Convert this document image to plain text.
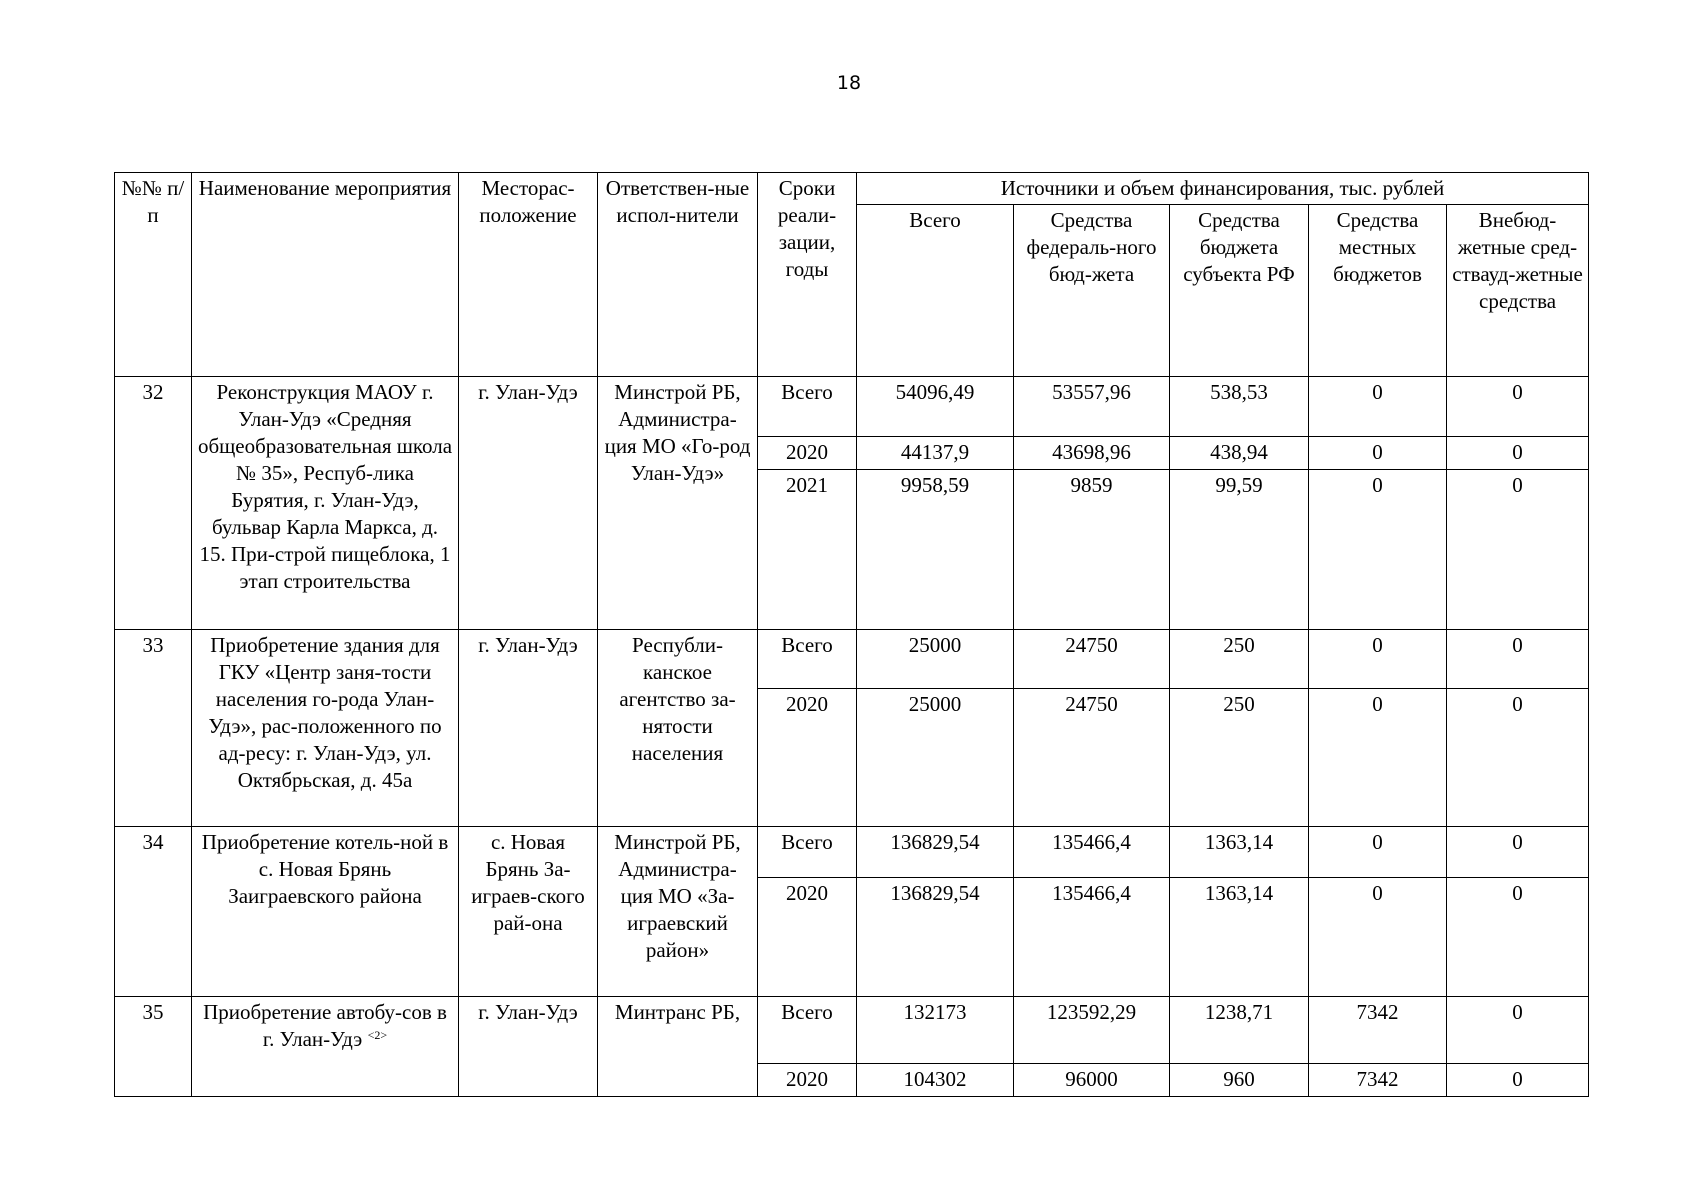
18
№№ п/п	Наименование мероприятия	Месторас-положение	Ответствен-ные испол-нители	Сроки реали-зации, годы	Источники и объем финансирования, тыс. рублей				
					Всего	Средства федераль-ного бюд-жета	Средства бюджета субъекта РФ	Средства местных бюджетов	Внебюд-жетные сред-ствауд-жетные средства
32	Реконструкция МАОУ г. Улан-Удэ «Средняя общеобразовательная школа № 35», Респуб-лика Бурятия, г. Улан-Удэ, бульвар Карла Маркса, д. 15. При-строй пищеблока, 1 этап строительства	г. Улан-Удэ	Минстрой РБ, Администра-ция МО «Го-род Улан-Удэ»	Всего	54096,49	53557,96	538,53	0	0
				2020	44137,9	43698,96	438,94	0	0
				2021	9958,59	9859	99,59	0	0
33	Приобретение здания для ГКУ «Центр заня-тости населения го-рода Улан-Удэ», рас-положенного по ад-ресу: г. Улан-Удэ, ул. Октябрьская, д. 45а	г. Улан-Удэ	Республи-канское агентство за-нятости населения	Всего	25000	24750	250	0	0
				2020	25000	24750	250	0	0
34	Приобретение котель-ной в с. Новая Брянь Заиграевского района	с. Новая Брянь За-играев-ского рай-она	Минстрой РБ, Администра-ция МО «За-играевский район»	Всего	136829,54	135466,4	1363,14	0	0
				2020	136829,54	135466,4	1363,14	0	0
35	Приобретение автобу-сов в г. Улан-Удэ $^{<2>}$	г. Улан-Удэ	Минтранс РБ,	Всего	132173	123592,29	1238,71	7342	0
				2020	104302	96000	960	7342	0
